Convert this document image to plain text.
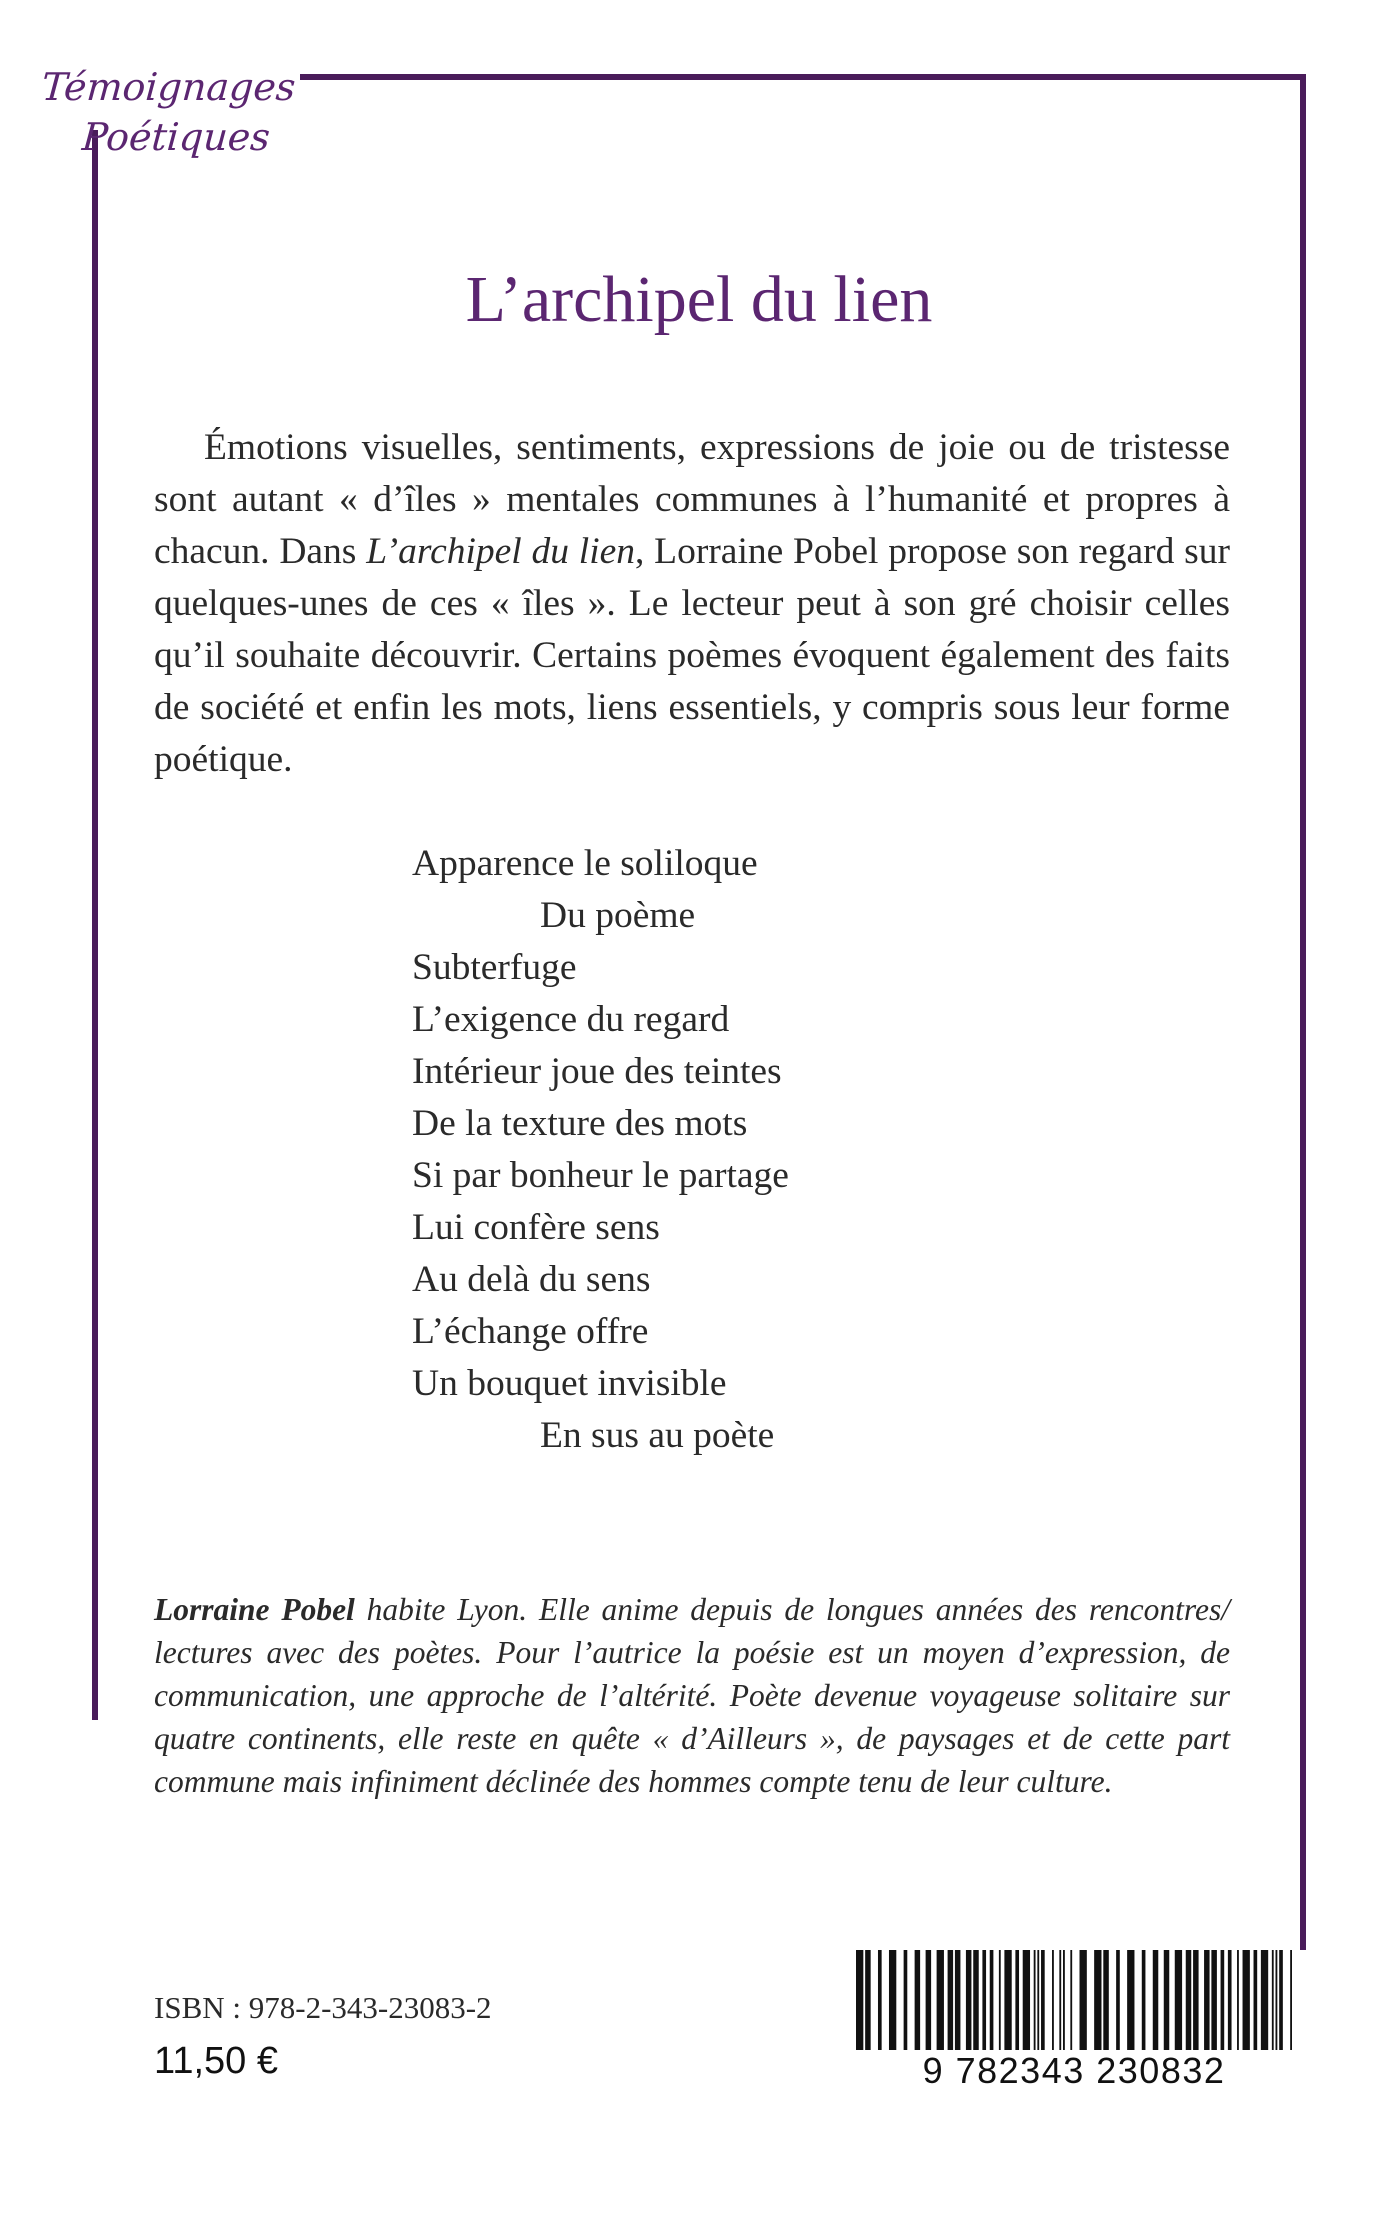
Témoignages
Poétiques
L’archipel du lien

Émotions visuelles, sentiments, expressions de joie ou de tristesse sont autant « d’îles » mentales communes à l’humanité et propres à chacun. Dans L’archipel du lien, Lorraine Pobel propose son regard sur quelques-unes de ces « îles ». Le lecteur peut à son gré choisir celles qu’il souhaite découvrir. Certains poèmes évoquent également des faits de société et enfin les mots, liens essentiels, y compris sous leur forme poétique.

Apparence le soliloque
Du poème
Subterfuge
L’exigence du regard
Intérieur joue des teintes
De la texture des mots
Si par bonheur le partage
Lui confère sens
Au delà du sens
L’échange offre
Un bouquet invisible
En sus au poète

Lorraine Pobel habite Lyon. Elle anime depuis de longues années des rencontres/ lectures avec des poètes. Pour l’autrice la poésie est un moyen d’expression, de communication, une approche de l’altérité. Poète devenue voyageuse solitaire sur quatre continents, elle reste en quête « d’Ailleurs », de paysages et de cette part commune mais infiniment déclinée des hommes compte tenu de leur culture.

ISBN : 978-2-343-23083-2
11,50 €	9 782343 230832
